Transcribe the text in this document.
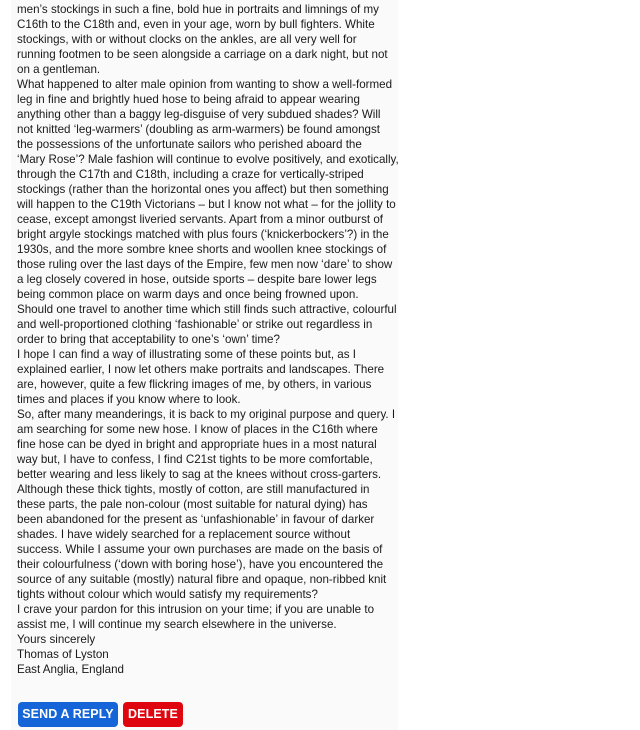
men’s stockings in such a fine, bold hue in portraits and limnings of my
C16th to the C18th and, even in your age, worn by bull fighters. White
stockings, with or without clocks on the ankles, are all very well for
running footmen to be seen alongside a carriage on a dark night, but not
on a gentleman.
What happened to alter male opinion from wanting to show a well-formed
leg in fine and brightly hued hose to being afraid to appear wearing
anything other than a baggy leg-disguise of very subdued shades? Will
not knitted ‘leg-warmers’ (doubling as arm-warmers) be found amongst
the possessions of the unfortunate sailors who perished aboard the
‘Mary Rose’? Male fashion will continue to evolve positively, and exotically,
through the C17th and C18th, including a craze for vertically-striped
stockings (rather than the horizontal ones you affect) but then something
will happen to the C19th Victorians – but I know not what – for the jollity to
cease, except amongst liveried servants. Apart from a minor outburst of
bright argyle stockings matched with plus fours (‘knickerbockers’?) in the
1930s, and the more sombre knee shorts and woollen knee stockings of
those ruling over the last days of the Empire, few men now ‘dare’ to show
a leg closely covered in hose, outside sports – despite bare lower legs
being common place on warm days and once being frowned upon.
Should one travel to another time which still finds such attractive, colourful
and well-proportioned clothing ‘fashionable’ or strike out regardless in
order to bring that acceptability to one’s ‘own’ time?
I hope I can find a way of illustrating some of these points but, as I
explained earlier, I now let others make portraits and landscapes. There
are, however, quite a few flickring images of me, by others, in various
times and places if you know where to look.
So, after many meanderings, it is back to my original purpose and query. I
am searching for some new hose. I know of places in the C16th where
fine hose can be dyed in bright and appropriate hues in a most natural
way but, I have to confess, I find C21st tights to be more comfortable,
better wearing and less likely to sag at the knees without cross-garters.
Although these thick tights, mostly of cotton, are still manufactured in
these parts, the pale non-colour (most suitable for natural dying) has
been abandoned for the present as ‘unfashionable’ in favour of darker
shades. I have widely searched for a replacement source without
success. While I assume your own purchases are made on the basis of
their colourfulness (‘down with boring hose’), have you encountered the
source of any suitable (mostly) natural fibre and opaque, non-ribbed knit
tights without colour which would satisfy my requirements?
I crave your pardon for this intrusion on your time; if you are unable to
assist me, I will continue my search elsewhere in the universe.
Yours sincerely
Thomas of Lyston
East Anglia, England
SEND A REPLY	DELETE
